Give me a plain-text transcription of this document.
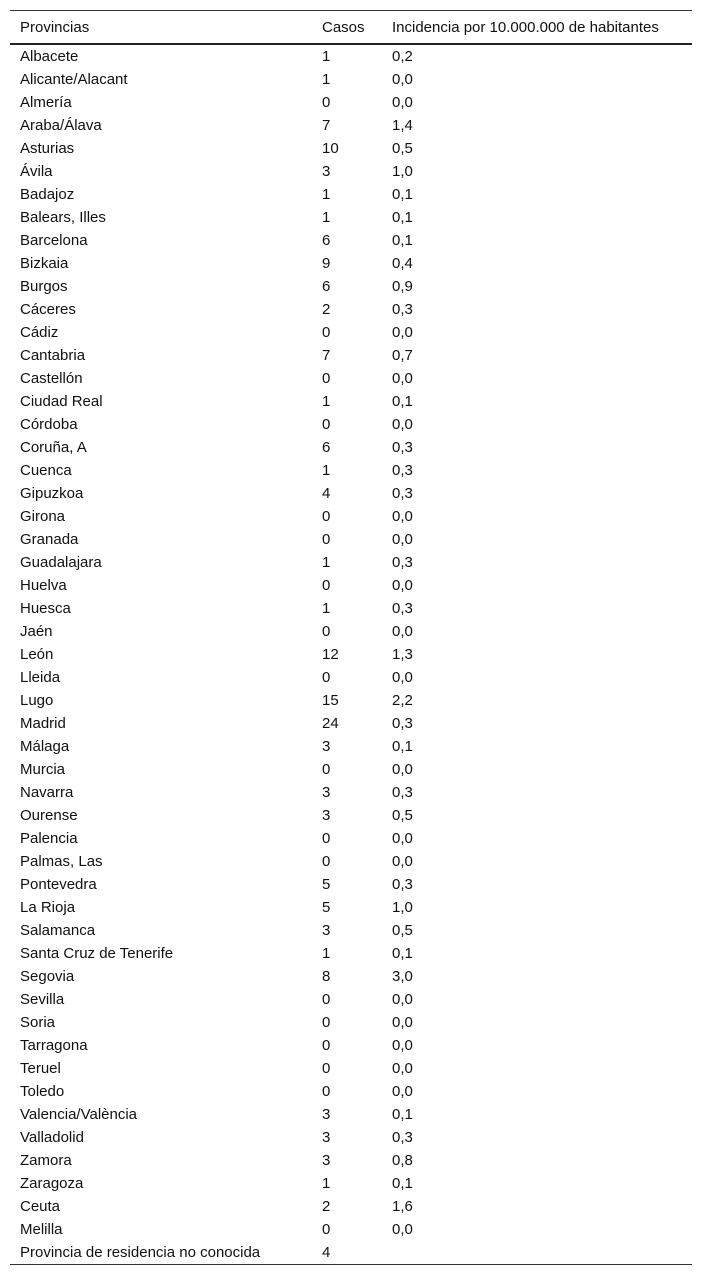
Provincias	Casos	Incidencia por 10.000.000 de habitantes
Albacete	1	0,2
Alicante/Alacant	1	0,0
Almería	0	0,0
Araba/Álava	7	1,4
Asturias	10	0,5
Ávila	3	1,0
Badajoz	1	0,1
Balears, Illes	1	0,1
Barcelona	6	0,1
Bizkaia	9	0,4
Burgos	6	0,9
Cáceres	2	0,3
Cádiz	0	0,0
Cantabria	7	0,7
Castellón	0	0,0
Ciudad Real	1	0,1
Córdoba	0	0,0
Coruña, A	6	0,3
Cuenca	1	0,3
Gipuzkoa	4	0,3
Girona	0	0,0
Granada	0	0,0
Guadalajara	1	0,3
Huelva	0	0,0
Huesca	1	0,3
Jaén	0	0,0
León	12	1,3
Lleida	0	0,0
Lugo	15	2,2
Madrid	24	0,3
Málaga	3	0,1
Murcia	0	0,0
Navarra	3	0,3
Ourense	3	0,5
Palencia	0	0,0
Palmas, Las	0	0,0
Pontevedra	5	0,3
La Rioja	5	1,0
Salamanca	3	0,5
Santa Cruz de Tenerife	1	0,1
Segovia	8	3,0
Sevilla	0	0,0
Soria	0	0,0
Tarragona	0	0,0
Teruel	0	0,0
Toledo	0	0,0
Valencia/València	3	0,1
Valladolid	3	0,3
Zamora	3	0,8
Zaragoza	1	0,1
Ceuta	2	1,6
Melilla	0	0,0
Provincia de residencia no conocida	4	
